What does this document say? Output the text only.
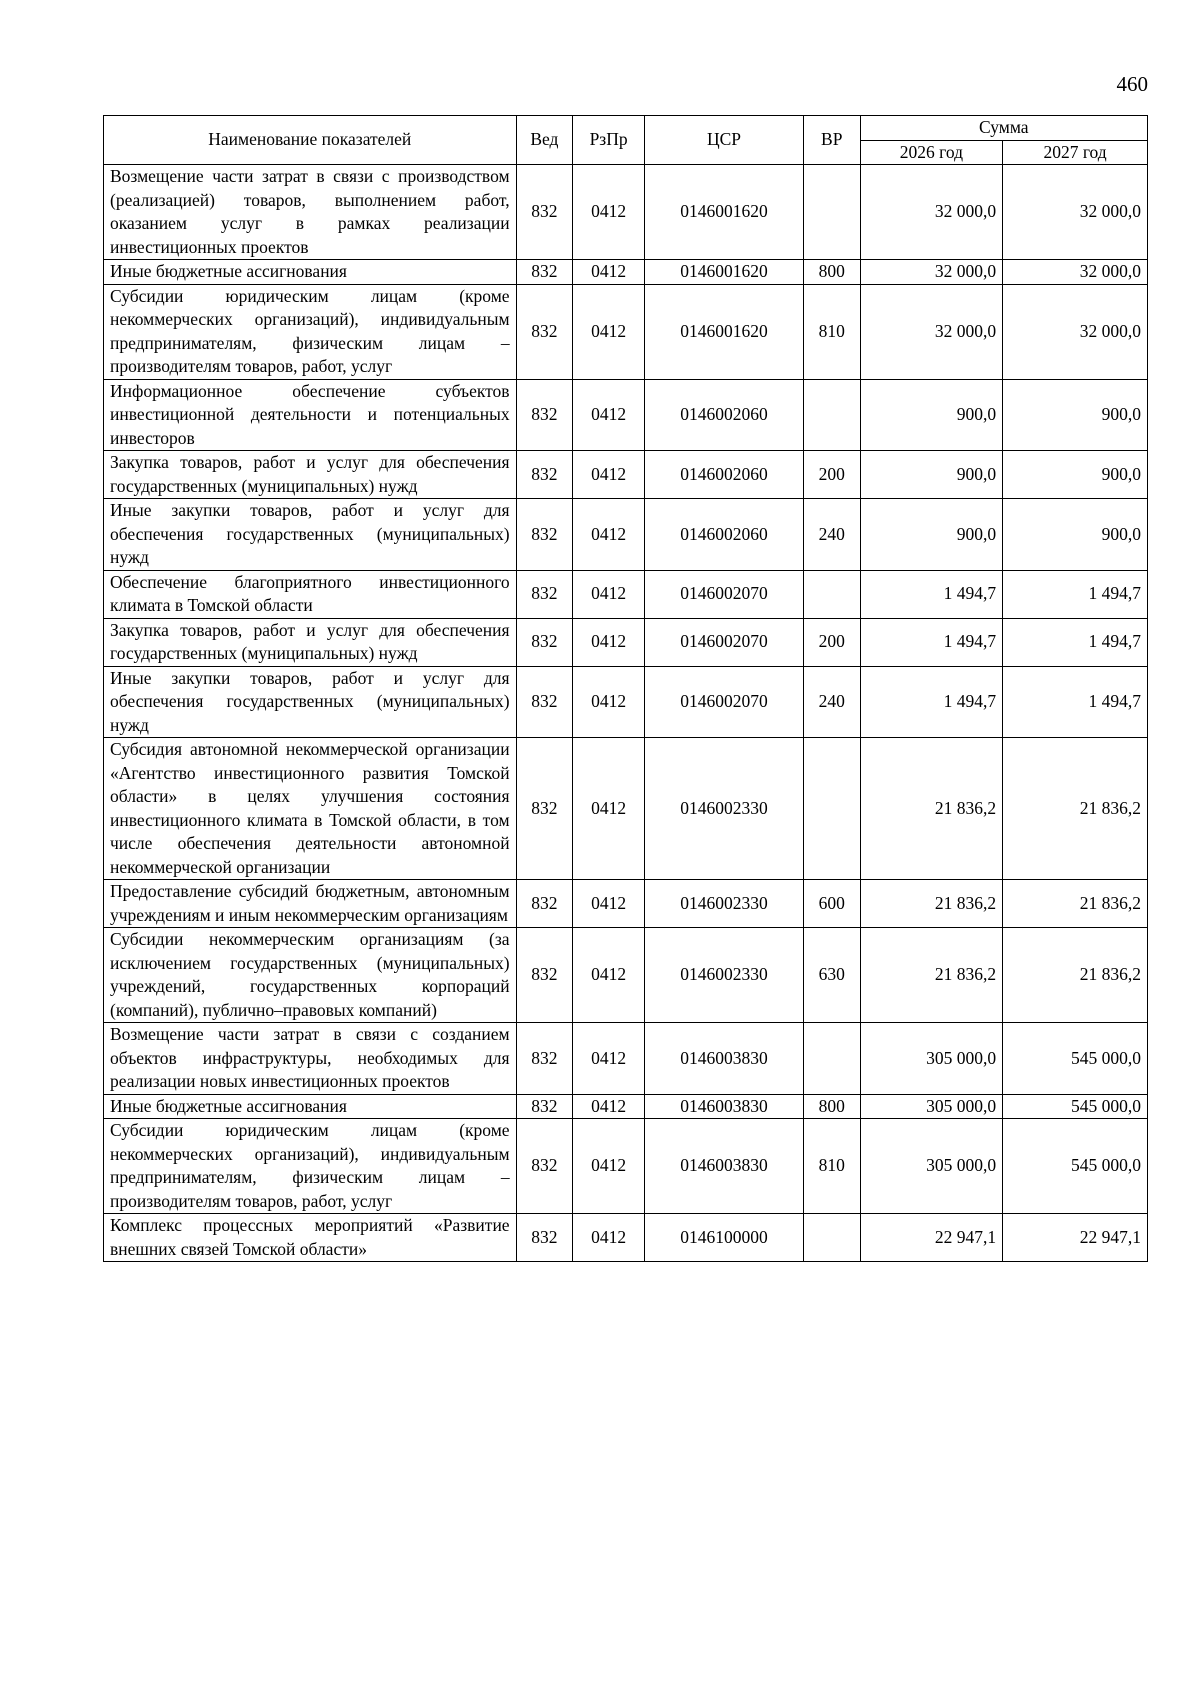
460
Наименование показателей	Вед	РзПр	ЦСР	ВР	Сумма	
					2026 год	2027 год
Возмещение части затрат в связи с производством (реализацией) товаров, выполнением работ, оказанием услуг в рамках реализации инвестиционных проектов	832	0412	0146001620		32 000,0	32 000,0
Иные бюджетные ассигнования	832	0412	0146001620	800	32 000,0	32 000,0
Субсидии юридическим лицам (кроме некоммерческих организаций), индивидуальным предпринимателям, физическим лицам – производителям товаров, работ, услуг	832	0412	0146001620	810	32 000,0	32 000,0
Информационное обеспечение субъектов инвестиционной деятельности и потенциальных инвесторов	832	0412	0146002060		900,0	900,0
Закупка товаров, работ и услуг для обеспечения государственных (муниципальных) нужд	832	0412	0146002060	200	900,0	900,0
Иные закупки товаров, работ и услуг для обеспечения государственных (муниципальных) нужд	832	0412	0146002060	240	900,0	900,0
Обеспечение благоприятного инвестиционного климата в Томской области	832	0412	0146002070		1 494,7	1 494,7
Закупка товаров, работ и услуг для обеспечения государственных (муниципальных) нужд	832	0412	0146002070	200	1 494,7	1 494,7
Иные закупки товаров, работ и услуг для обеспечения государственных (муниципальных) нужд	832	0412	0146002070	240	1 494,7	1 494,7
Субсидия автономной некоммерческой организации «Агентство инвестиционного развития Томской области» в целях улучшения состояния инвестиционного климата в Томской области, в том числе обеспечения деятельности автономной некоммерческой организации	832	0412	0146002330		21 836,2	21 836,2
Предоставление субсидий бюджетным, автономным учреждениям и иным некоммерческим организациям	832	0412	0146002330	600	21 836,2	21 836,2
Субсидии некоммерческим организациям (за исключением государственных (муниципальных) учреждений, государственных корпораций (компаний), публично–правовых компаний)	832	0412	0146002330	630	21 836,2	21 836,2
Возмещение части затрат в связи с созданием объектов инфраструктуры, необходимых для реализации новых инвестиционных проектов	832	0412	0146003830		305 000,0	545 000,0
Иные бюджетные ассигнования	832	0412	0146003830	800	305 000,0	545 000,0
Субсидии юридическим лицам (кроме некоммерческих организаций), индивидуальным предпринимателям, физическим лицам – производителям товаров, работ, услуг	832	0412	0146003830	810	305 000,0	545 000,0
Комплекс процессных мероприятий «Развитие внешних связей Томской области»	832	0412	0146100000		22 947,1	22 947,1
